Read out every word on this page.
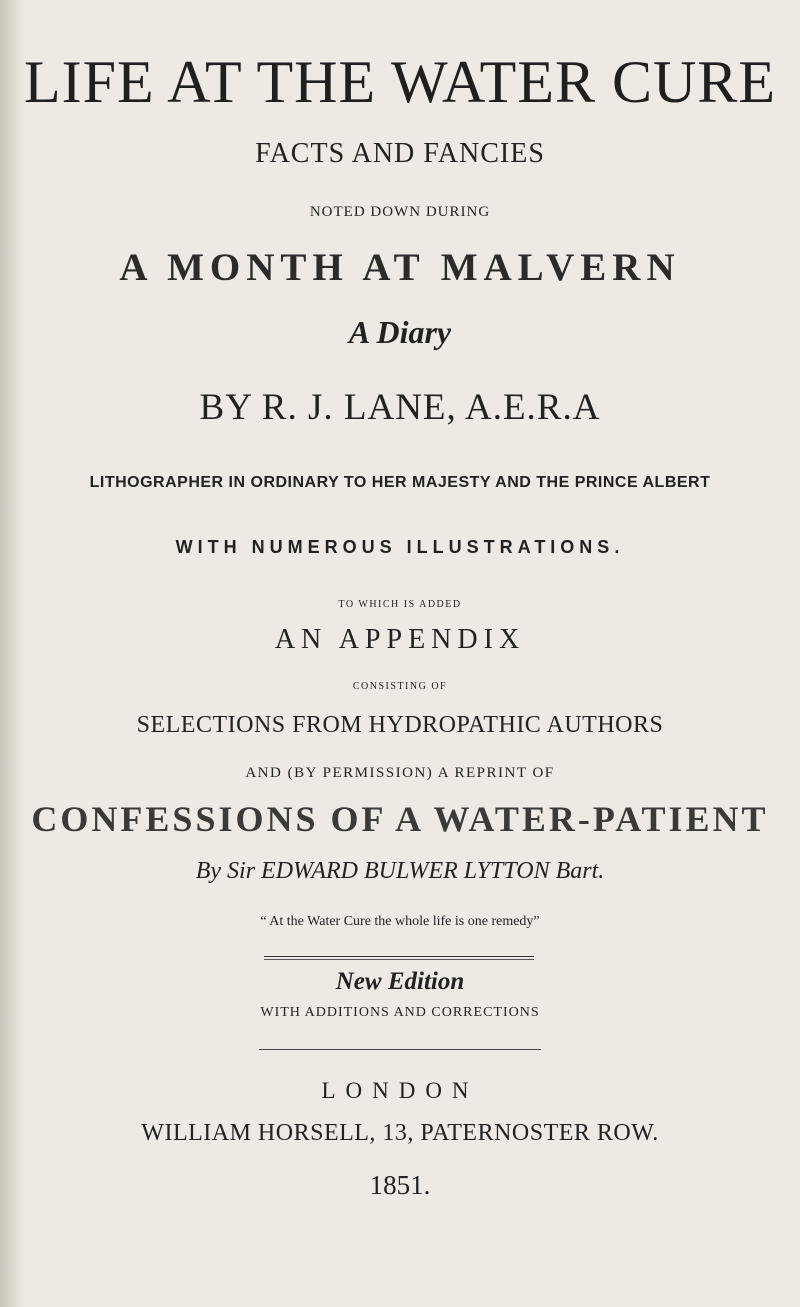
LIFE AT THE WATER CURE
FACTS AND FANCIES
NOTED DOWN DURING
A MONTH AT MALVERN
A Diary
BY R. J. LANE, A.E.R.A
LITHOGRAPHER IN ORDINARY TO HER MAJESTY AND THE PRINCE ALBERT
WITH NUMEROUS ILLUSTRATIONS.
TO WHICH IS ADDED
AN APPENDIX
CONSISTING OF
SELECTIONS FROM HYDROPATHIC AUTHORS
AND (BY PERMISSION) A REPRINT OF
CONFESSIONS OF A WATER-PATIENT
By Sir EDWARD BULWER LYTTON Bart.
“ At the Water Cure the whole life is one remedy”
New Edition
WITH ADDITIONS AND CORRECTIONS
LONDON
WILLIAM HORSELL, 13, PATERNOSTER ROW.
1851.
